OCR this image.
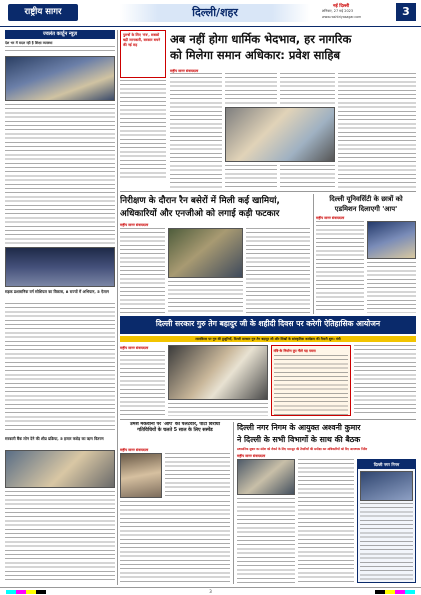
राष्ट्रीय सागर	दिल्ली/शहर	नई दिल्ली
शनिवार, 27 मई 2023
www.rashtriyasagar.com	3
ज्वलंत कार्टून न्यूज़
देश भर में बदल रही है शिक्षा व्यवस्था
सड़क प्रशासनिक वर्ग सोशियल का विकास, 8 राज्यों में अभियान, 5 ऐलान
सरकारी बैंक लोन देने की शीघ्र प्रक्रिया, 5 हजार करोड़ का ऋण वितरण
पुरुषों के लिए 'मंत्र', सबको बड़ी जानकारी, सरकार बचने की नई राह	अब नहीं होगा धार्मिक भेदभाव, हर नागरिक
को मिलेगा समान अधिकार: प्रवेश साहिब
राष्ट्रीय सागर संवाददाता
निरीक्षण के दौरान रैन बसेरों में मिली कई खामियां,
अधिकारियों और एनजीओ को लगाई कड़ी फटकार
राष्ट्रीय सागर संवाददाता
दिल्ली यूनिवर्सिटी के छात्रों को
एडमिशन दिलाएगी 'आप'
राष्ट्रीय सागर संवाददाता
दिल्ली सरकार गुरु तेग बहादुर जी के शहीदी दिवस पर करेगी ऐतिहासिक आयोजन
लालकिला पर गुरु की हुज़ूरियाँ, दिल्ली सरकार गुरु तेग बहादुर जी और सिखों के सांस्कृतिक कार्यक्रम की तैयारी शुरू: मंत्री
राष्ट्रीय सागर संवाददाता
मंत्रि-के निर्माण ग्रुप नीले यह पत्रता
उमेश मकवाना पर 'आप' का पलटवार, पार्टी विरोधी गतिविधियों के चलते 5 साल के लिए सस्पेंड
राष्ट्रीय सागर संवाददाता
दिल्ली नगर निगम के आयुक्त अश्वनी कुमार
ने दिल्ली के सभी विभागों के साथ की बैठक
प्रशासनिक सुधार का संदेश को रोकने के लिए मानसून की तैयारियों की समीक्षा कर अधिकारियों को दिए आवश्यक निर्देश
राष्ट्रीय सागर संवाददाता
दिल्ली नगर निगम
3
